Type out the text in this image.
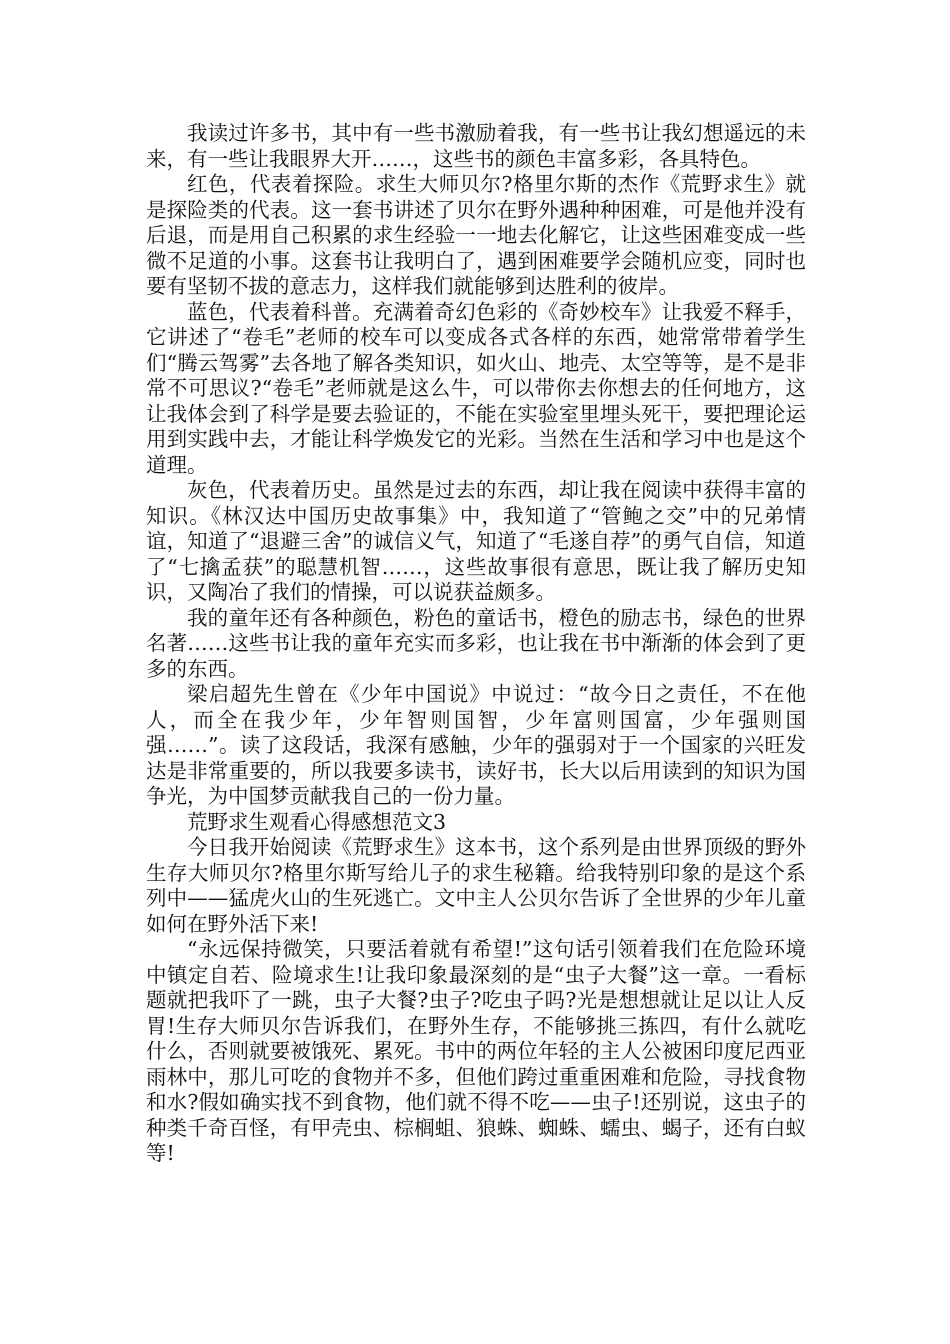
我读过许多书，其中有一些书激励着我，有一些书让我幻想遥远的未来，有一些让我眼界大开……，这些书的颜色丰富多彩，各具特色。

红色，代表着探险。求生大师贝尔?格里尔斯的杰作《荒野求生》就是探险类的代表。这一套书讲述了贝尔在野外遇种种困难，可是他并没有后退，而是用自己积累的求生经验一一地去化解它，让这些困难变成一些微不足道的小事。这套书让我明白了，遇到困难要学会随机应变，同时也要有坚韧不拔的意志力，这样我们就能够到达胜利的彼岸。

蓝色，代表着科普。充满着奇幻色彩的《奇妙校车》让我爱不释手，它讲述了“卷毛”老师的校车可以变成各式各样的东西，她常常带着学生们“腾云驾雾”去各地了解各类知识，如火山、地壳、太空等等，是不是非常不可思议?“卷毛”老师就是这么牛，可以带你去你想去的任何地方，这让我体会到了科学是要去验证的，不能在实验室里埋头死干，要把理论运用到实践中去，才能让科学焕发它的光彩。当然在生活和学习中也是这个道理。

灰色，代表着历史。虽然是过去的东西，却让我在阅读中获得丰富的知识。《林汉达中国历史故事集》中，我知道了“管鲍之交”中的兄弟情谊，知道了“退避三舍”的诚信义气，知道了“毛遂自荐”的勇气自信，知道了“七擒孟获”的聪慧机智……，这些故事很有意思，既让我了解历史知识，又陶冶了我们的情操，可以说获益颇多。

我的童年还有各种颜色，粉色的童话书，橙色的励志书，绿色的世界名著……这些书让我的童年充实而多彩，也让我在书中渐渐的体会到了更多的东西。

梁启超先生曾在《少年中国说》中说过：“故今日之责任，不在他人，而全在我少年，少年智则国智，少年富则国富，少年强则国强……”。读了这段话，我深有感触，少年的强弱对于一个国家的兴旺发达是非常重要的，所以我要多读书，读好书，长大以后用读到的知识为国争光，为中国梦贡献我自己的一份力量。

荒野求生观看心得感想范文3

今日我开始阅读《荒野求生》这本书，这个系列是由世界顶级的野外生存大师贝尔?格里尔斯写给儿子的求生秘籍。给我特别印象的是这个系列中——猛虎火山的生死逃亡。文中主人公贝尔告诉了全世界的少年儿童如何在野外活下来!

“永远保持微笑，只要活着就有希望!”这句话引领着我们在危险环境中镇定自若、险境求生!让我印象最深刻的是“虫子大餐”这一章。一看标题就把我吓了一跳，虫子大餐?虫子?吃虫子吗?光是想想就让足以让人反胃!生存大师贝尔告诉我们，在野外生存，不能够挑三拣四，有什么就吃什么，否则就要被饿死、累死。书中的两位年轻的主人公被困印度尼西亚雨林中，那儿可吃的食物并不多，但他们跨过重重困难和危险，寻找食物和水?假如确实找不到食物，他们就不得不吃——虫子!还别说，这虫子的种类千奇百怪，有甲壳虫、棕榈蛆、狼蛛、蜘蛛、蠕虫、蝎子，还有白蚁等!
